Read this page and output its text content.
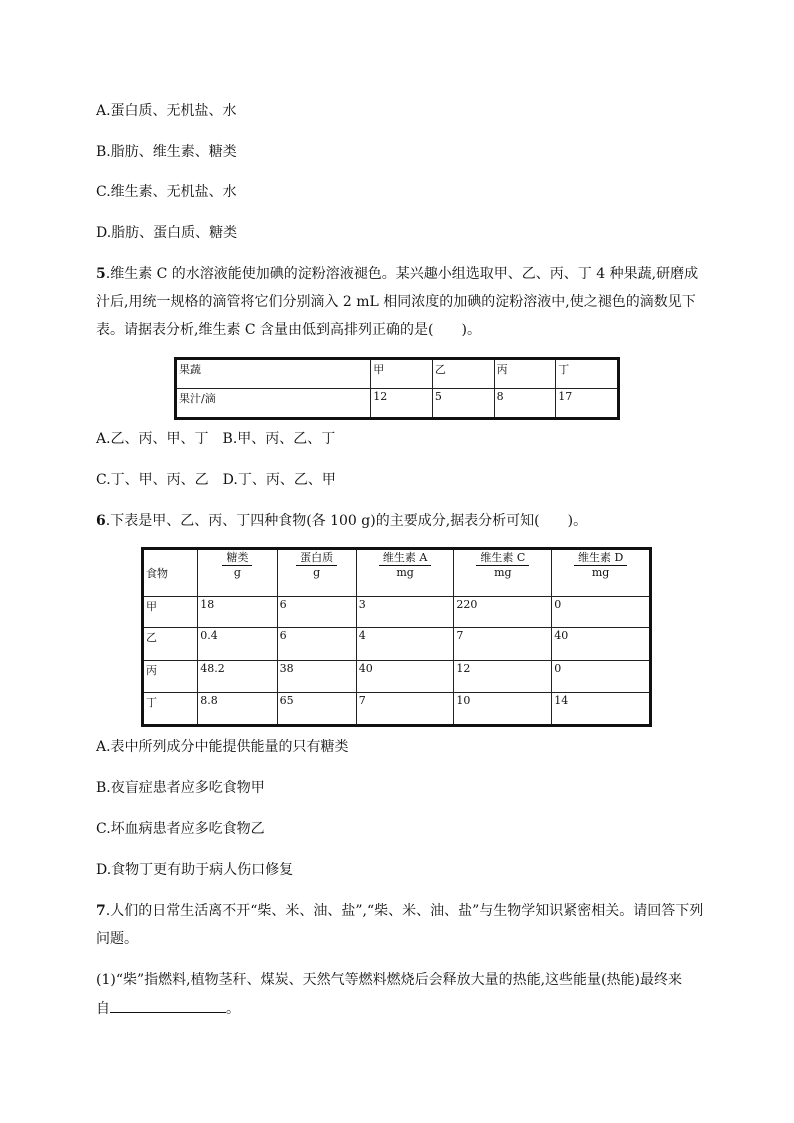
A.蛋白质、无机盐、水
B.脂肪、维生素、糖类
C.维生素、无机盐、水
D.脂肪、蛋白质、糖类
5.维生素 C 的水溶液能使加碘的淀粉溶液褪色。某兴趣小组选取甲、乙、丙、丁 4 种果蔬,研磨成
汁后,用统一规格的滴管将它们分别滴入 2 mL 相同浓度的加碘的淀粉溶液中,使之褪色的滴数见下
表。请据表分析,维生素 C 含量由低到高排列正确的是(　　)。
果蔬	甲	乙	丙	丁
果汁/滴	12	5	8	17
A.乙、丙、甲、丁　B.甲、丙、乙、丁
C.丁、甲、丙、乙　D.丁、丙、乙、甲
6.下表是甲、乙、丙、丁四种食物(各 100 g)的主要成分,据表分析可知(　　)。
食物	$\frac{\text{糖类}}{g}$	$\frac{\text{蛋白质}}{g}$	$\frac{\text{维生素 A}}{mg}$	$\frac{\text{维生素 C}}{mg}$	$\frac{\text{维生素 D}}{mg}$

甲	18	6	3	220	0
乙	0.4	6	4	7	40
丙	48.2	38	40	12	0
丁	8.8	65	7	10	14
A.表中所列成分中能提供能量的只有糖类
B.夜盲症患者应多吃食物甲
C.坏血病患者应多吃食物乙
D.食物丁更有助于病人伤口修复
7.人们的日常生活离不开“柴、米、油、盐”,“柴、米、油、盐”与生物学知识紧密相关。请回答下列
问题。
(1)“柴”指燃料,植物茎秆、煤炭、天然气等燃料燃烧后会释放大量的热能,这些能量(热能)最终来
自	。
